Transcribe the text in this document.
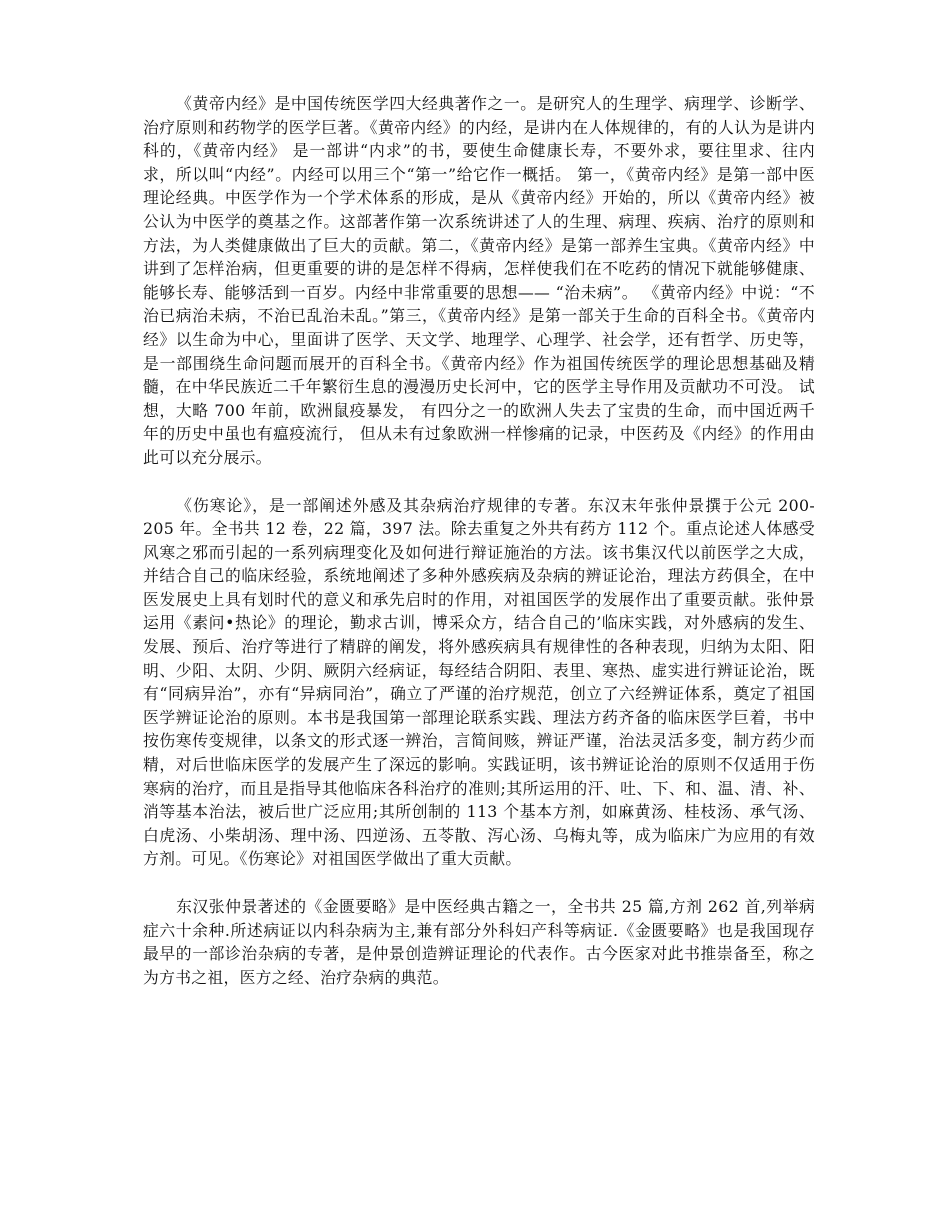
《黄帝内经》是中国传统医学四大经典著作之一。是研究人的生理学、病理学、诊断学、治疗原则和药物学的医学巨著。《黄帝内经》的内经，是讲内在人体规律的，有的人认为是讲内科的，《黄帝内经》 是一部讲“内求”的书，要使生命健康长寿，不要外求，要往里求、往内求，所以叫“内经”。内经可以用三个“第一”给它作一概括。 第一，《黄帝内经》是第一部中医理论经典。中医学作为一个学术体系的形成，是从《黄帝内经》开始的，所以《黄帝内经》被公认为中医学的奠基之作。这部著作第一次系统讲述了人的生理、病理、疾病、治疗的原则和方法，为人类健康做出了巨大的贡献。第二，《黄帝内经》是第一部养生宝典。《黄帝内经》中讲到了怎样治病，但更重要的讲的是怎样不得病，怎样使我们在不吃药的情况下就能够健康、能够长寿、能够活到一百岁。内经中非常重要的思想—— “治未病”。 《黄帝内经》中说：“不治已病治未病，不治已乱治未乱。”第三，《黄帝内经》是第一部关于生命的百科全书。《黄帝内经》以生命为中心，里面讲了医学、天文学、地理学、心理学、社会学，还有哲学、历史等，是一部围绕生命问题而展开的百科全书。《黄帝内经》作为祖国传统医学的理论思想基础及精髓，在中华民族近二千年繁衍生息的漫漫历史长河中，它的医学主导作用及贡献功不可没。 试想，大略 700 年前，欧洲鼠疫暴发， 有四分之一的欧洲人失去了宝贵的生命，而中国近两千年的历史中虽也有瘟疫流行， 但从未有过象欧洲一样惨痛的记录，中医药及《内经》的作用由此可以充分展示。

《伤寒论》，是一部阐述外感及其杂病治疗规律的专著。东汉末年张仲景撰于公元 200-205 年。全书共 12 卷，22 篇，397 法。除去重复之外共有药方 112 个。重点论述人体感受风寒之邪而引起的一系列病理变化及如何进行辩证施治的方法。该书集汉代以前医学之大成，并结合自己的临床经验，系统地阐述了多种外感疾病及杂病的辨证论治，理法方药俱全，在中医发展史上具有划时代的意义和承先启时的作用，对祖国医学的发展作出了重要贡献。张仲景运用《素问•热论》的理论，勤求古训，博采众方，结合自己的’临床实践，对外感病的发生、发展、预后、治疗等进行了精辟的阐发，将外感疾病具有规律性的各种表现，归纳为太阳、阳明、少阳、太阴、少阴、厥阴六经病证，每经结合阴阳、表里、寒热、虚实进行辨证论治，既有“同病异治”，亦有“异病同治”，确立了严谨的治疗规范，创立了六经辨证体系，奠定了祖国医学辨证论治的原则。本书是我国第一部理论联系实践、理法方药齐备的临床医学巨着，书中按伤寒传变规律，以条文的形式逐一辨治，言简间赅，辨证严谨，治法灵活多变，制方药少而精，对后世临床医学的发展产生了深远的影响。实践证明，该书辨证论治的原则不仅适用于伤寒病的治疗，而且是指导其他临床各科治疗的准则;其所运用的汗、吐、下、和、温、清、补、消等基本治法，被后世广泛应用;其所创制的 113 个基本方剂，如麻黄汤、桂枝汤、承气汤、白虎汤、小柴胡汤、理中汤、四逆汤、五苓散、泻心汤、乌梅丸等，成为临床广为应用的有效方剂。可见。《伤寒论》对祖国医学做出了重大贡献。

东汉张仲景著述的《金匮要略》是中医经典古籍之一，全书共 25 篇,方剂 262 首,列举病症六十余种.所述病证以内科杂病为主,兼有部分外科妇产科等病证.《金匮要略》也是我国现存最早的一部诊治杂病的专著，是仲景创造辨证理论的代表作。古今医家对此书推崇备至，称之为方书之祖，医方之经、治疗杂病的典范。
